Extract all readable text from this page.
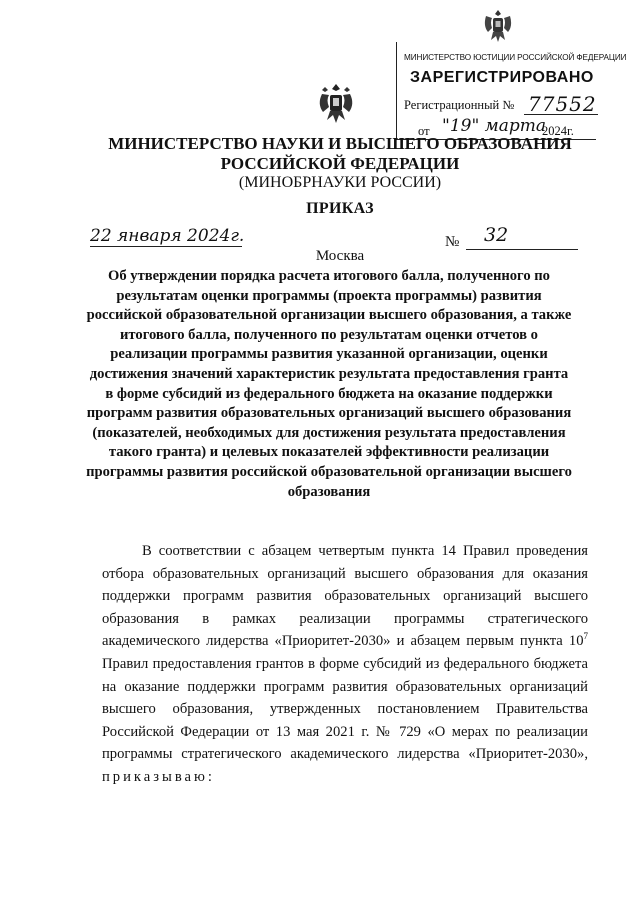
МИНИСТЕРСТВО ЮСТИЦИИ РОССИЙСКОЙ ФЕДЕРАЦИИ
ЗАРЕГИСТРИРОВАНО
Регистрационный № 77552
от "19" марта
2024г.
МИНИСТЕРСТВО НАУКИ И ВЫСШЕГО ОБРАЗОВАНИЯ
РОССИЙСКОЙ ФЕДЕРАЦИИ
(МИНОБРНАУКИ РОССИИ)
ПРИКАЗ
22 января 2024г.	№ 32
Москва
Об утверждении порядка расчета итогового балла, полученного по
результатам оценки программы (проекта программы) развития
российской образовательной организации высшего образования, а также
итогового балла, полученного по результатам оценки отчетов о
реализации программы развития указанной организации, оценки
достижения значений характеристик результата предоставления гранта
в форме субсидий из федерального бюджета на оказание поддержки
программ развития образовательных организаций высшего образования
(показателей, необходимых для достижения результата предоставления
такого гранта) и целевых показателей эффективности реализации
программы развития российской образовательной организации высшего
образования
В соответствии с абзацем четвертым пункта 14 Правил проведения
отбора образовательных организаций высшего образования для оказания
поддержки программ развития образовательных организаций высшего
образования в рамках реализации программы стратегического
академического лидерства «Приоритет-2030» и абзацем первым пункта $10^7$
Правил предоставления грантов в форме субсидий из федерального бюджета
на оказание поддержки программ развития образовательных организаций
высшего образования, утвержденных постановлением Правительства
Российской Федерации от 13 мая 2021 г. № 729 «О мерах по реализации
программы стратегического академического лидерства «Приоритет-2030»,
приказываю:
